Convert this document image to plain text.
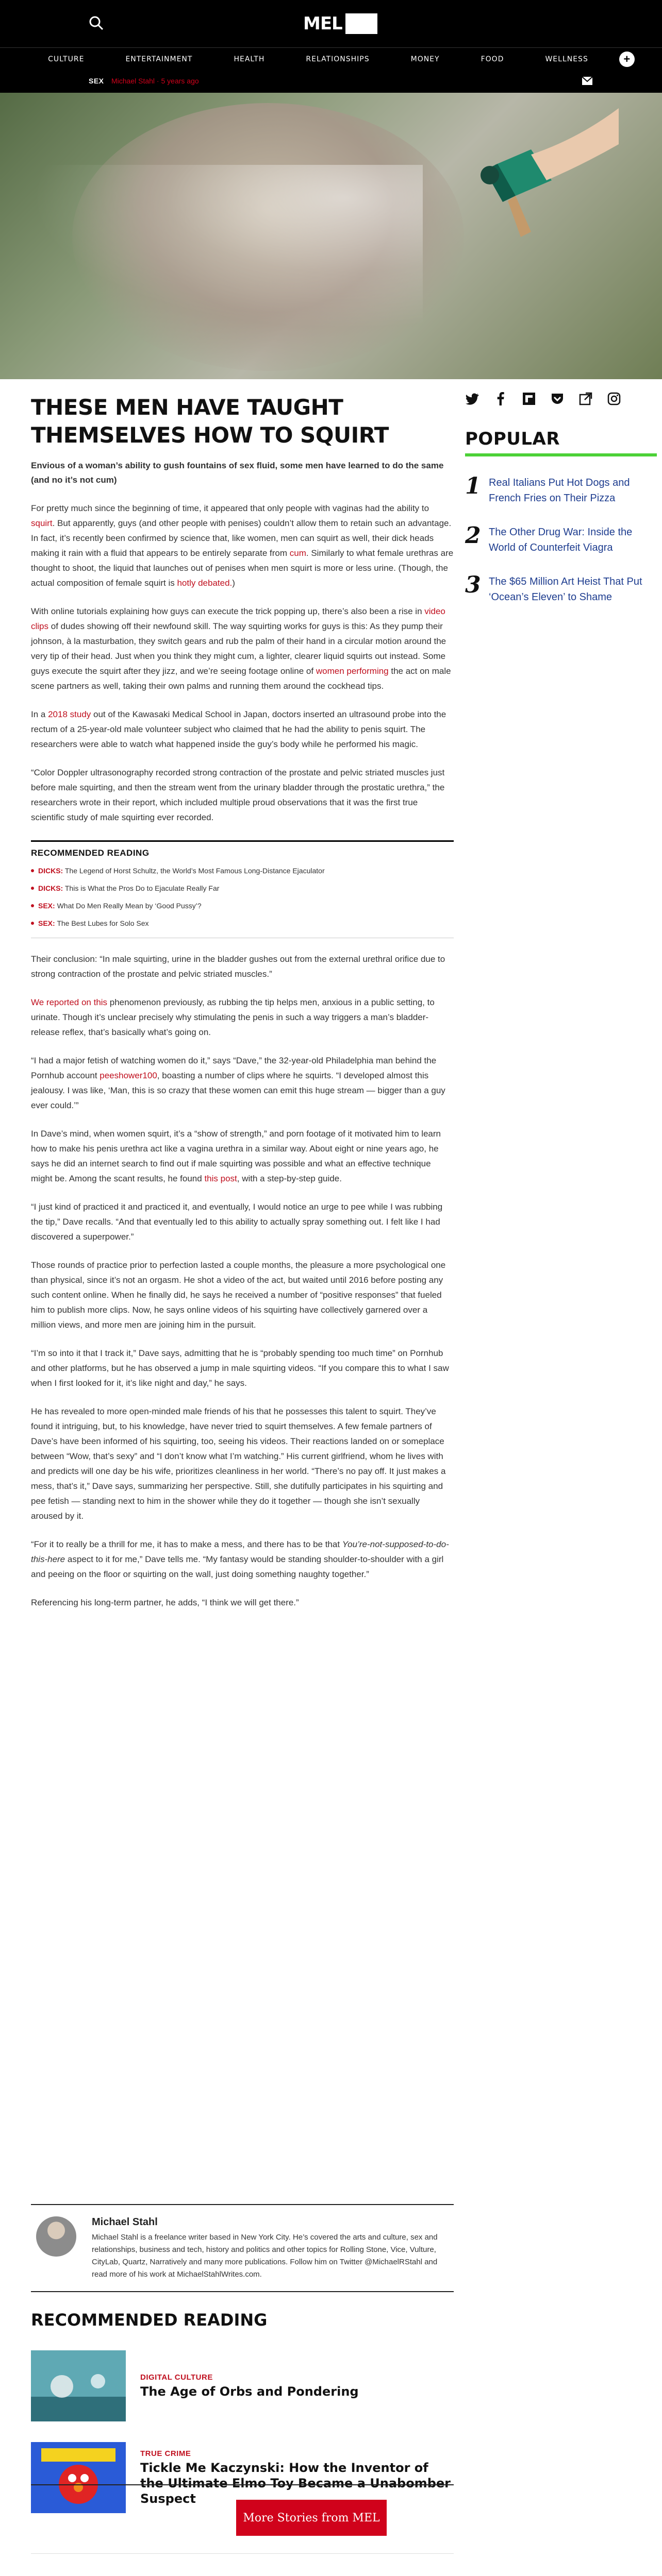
MEL
CULTURE	ENTERTAINMENT	HEALTH	RELATIONSHIPS	MONEY	FOOD	WELLNESS	+
SEX Michael Stahl · 5 years ago
THESE MEN HAVE TAUGHT THEMSELVES HOW TO SQUIRT

Envious of a woman’s ability to gush fountains of sex fluid, some men have learned to do the same (and no it’s not cum)

For pretty much since the beginning of time, it appeared that only people with vaginas had the ability to squirt. But apparently, guys (and other people with penises) couldn’t allow them to retain such an advantage. In fact, it’s recently been confirmed by science that, like women, men can squirt as well, their dick heads making it rain with a fluid that appears to be entirely separate from cum. Similarly to what female urethras are thought to shoot, the liquid that launches out of penises when men squirt is more or less urine. (Though, the actual composition of female squirt is hotly debated.)

With online tutorials explaining how guys can execute the trick popping up, there’s also been a rise in video clips of dudes showing off their newfound skill. The way squirting works for guys is this: As they pump their johnson, à la masturbation, they switch gears and rub the palm of their hand in a circular motion around the very tip of their head. Just when you think they might cum, a lighter, clearer liquid squirts out instead. Some guys execute the squirt after they jizz, and we’re seeing footage online of women performing the act on male scene partners as well, taking their own palms and running them around the cockhead tips.

In a 2018 study out of the Kawasaki Medical School in Japan, doctors inserted an ultrasound probe into the rectum of a 25-year-old male volunteer subject who claimed that he had the ability to penis squirt. The researchers were able to watch what happened inside the guy’s body while he performed his magic.

“Color Doppler ultrasonography recorded strong contraction of the prostate and pelvic striated muscles just before male squirting, and then the stream went from the urinary bladder through the prostatic urethra,” the researchers wrote in their report, which included multiple proud observations that it was the first true scientific study of male squirting ever recorded.

RECOMMENDED READING
DICKS: The Legend of Horst Schultz, the World’s Most Famous Long-Distance Ejaculator
DICKS: This is What the Pros Do to Ejaculate Really Far
SEX: What Do Men Really Mean by ‘Good Pussy’?
SEX: The Best Lubes for Solo Sex

Their conclusion: “In male squirting, urine in the bladder gushes out from the external urethral orifice due to strong contraction of the prostate and pelvic striated muscles.”

We reported on this phenomenon previously, as rubbing the tip helps men, anxious in a public setting, to urinate. Though it’s unclear precisely why stimulating the penis in such a way triggers a man’s bladder-release reflex, that’s basically what’s going on.

“I had a major fetish of watching women do it,” says “Dave,” the 32-year-old Philadelphia man behind the Pornhub account peeshower100, boasting a number of clips where he squirts. “I developed almost this jealousy. I was like, ‘Man, this is so crazy that these women can emit this huge stream — bigger than a guy ever could.’”

In Dave’s mind, when women squirt, it’s a “show of strength,” and porn footage of it motivated him to learn how to make his penis urethra act like a vagina urethra in a similar way. About eight or nine years ago, he says he did an internet search to find out if male squirting was possible and what an effective technique might be. Among the scant results, he found this post, with a step-by-step guide.

“I just kind of practiced it and practiced it, and eventually, I would notice an urge to pee while I was rubbing the tip,” Dave recalls. “And that eventually led to this ability to actually spray something out. I felt like I had discovered a superpower.”

Those rounds of practice prior to perfection lasted a couple months, the pleasure a more psychological one than physical, since it’s not an orgasm. He shot a video of the act, but waited until 2016 before posting any such content online. When he finally did, he says he received a number of “positive responses” that fueled him to publish more clips. Now, he says online videos of his squirting have collectively garnered over a million views, and more men are joining him in the pursuit.

“I’m so into it that I track it,” Dave says, admitting that he is “probably spending too much time” on Pornhub and other platforms, but he has observed a jump in male squirting videos. “If you compare this to what I saw when I first looked for it, it’s like night and day,” he says.

He has revealed to more open-minded male friends of his that he possesses this talent to squirt. They’ve found it intriguing, but, to his knowledge, have never tried to squirt themselves. A few female partners of Dave’s have been informed of his squirting, too, seeing his videos. Their reactions landed on or someplace between “Wow, that’s sexy” and “I don’t know what I’m watching.” His current girlfriend, whom he lives with and predicts will one day be his wife, prioritizes cleanliness in her world. “There’s no pay off. It just makes a mess, that’s it,” Dave says, summarizing her perspective. Still, she dutifully participates in his squirting and pee fetish — standing next to him in the shower while they do it together — though she isn’t sexually aroused by it.

“For it to really be a thrill for me, it has to make a mess, and there has to be that You’re-not-supposed-to-do-this-here aspect to it for me,” Dave tells me. “My fantasy would be standing shoulder-to-shoulder with a girl and peeing on the floor or squirting on the wall, just doing something naughty together.”

Referencing his long-term partner, he adds, “I think we will get there.”

POPULAR
1 Real Italians Put Hot Dogs and French Fries on Their Pizza
2 The Other Drug War: Inside the World of Counterfeit Viagra
3 The $65 Million Art Heist That Put ‘Ocean’s Eleven’ to Shame
Michael Stahl
Michael Stahl is a freelance writer based in New York City. He’s covered the arts and culture, sex and relationships, business and tech, history and politics and other topics for Rolling Stone, Vice, Vulture, CityLab, Quartz, Narratively and many more publications. Follow him on Twitter @MichaelRStahl and read more of his work at MichaelStahlWrites.com.
RECOMMENDED READING
DIGITAL CULTURE
The Age of Orbs and Pondering
TRUE CRIME
Tickle Me Kaczynski: How the Inventor of the Ultimate Elmo Toy Became a Unabomber Suspect
More Stories from MEL
